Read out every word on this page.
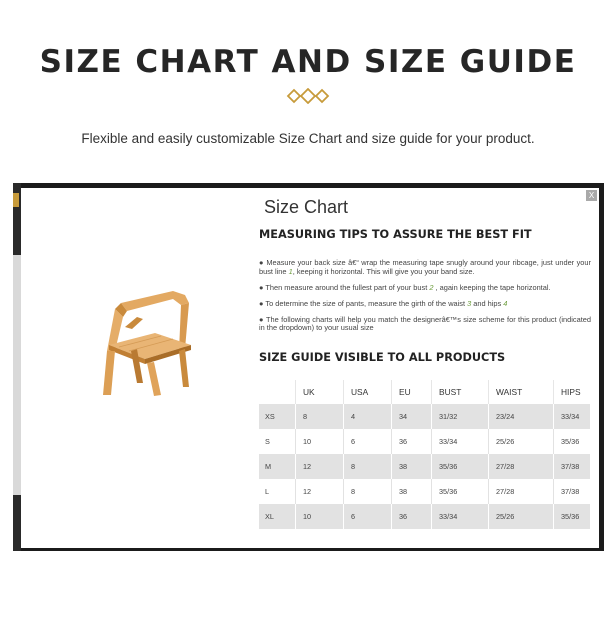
SIZE CHART AND SIZE GUIDE

Flexible and easily customizable Size Chart and size guide for your product.

X
Size Chart
MEASURING TIPS TO ASSURE THE BEST FIT
● Measure your back size â€“ wrap the measuring tape snugly around your ribcage, just under your bust line 1, keeping it horizontal. This will give you your band size.
● Then measure around the fullest part of your bust 2 , again keeping the tape horizontal.
● To determine the size of pants, measure the girth of the waist 3 and hips 4
● The following charts will help you match the designerâ€™s size scheme for this product (indicated in the dropdown) to your usual size
SIZE GUIDE VISIBLE TO ALL PRODUCTS
	UK	USA	EU	BUST	WAIST	HIPS
XS	8	4	34	31/32	23/24	33/34
S	10	6	36	33/34	25/26	35/36
M	12	8	38	35/36	27/28	37/38
L	12	8	38	35/36	27/28	37/38
XL	10	6	36	33/34	25/26	35/36
